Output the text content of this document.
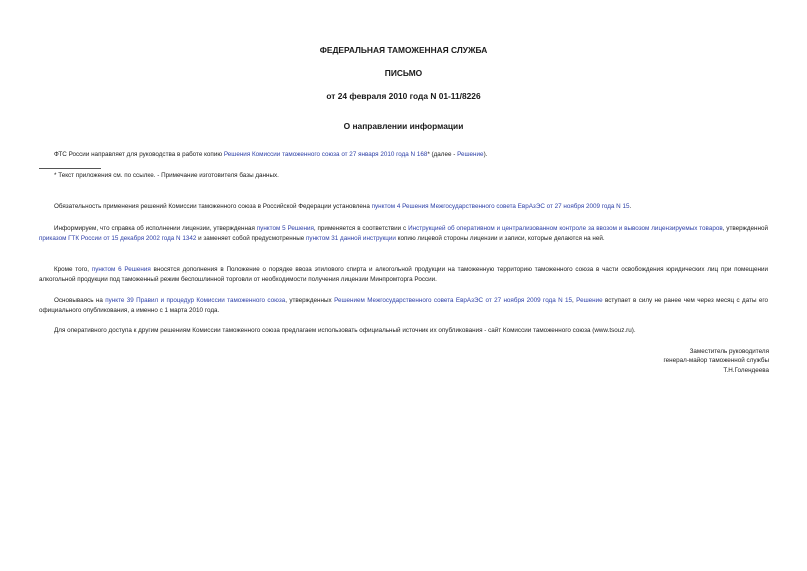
ФЕДЕРАЛЬНАЯ ТАМОЖЕННАЯ СЛУЖБА
ПИСЬМО
от 24 февраля 2010 года N 01-11/8226
О направлении информации

ФТС России направляет для руководства в работе копию Решения Комиссии таможенного союза от 27 января 2010 года N 168* (далее - Решение).

* Текст приложения см. по ссылке. - Примечание изготовителя базы данных.

Обязательность применения решений Комиссии таможенного союза в Российской Федерации установлена пунктом 4 Решения Межгосударственного совета ЕврАзЭС от 27 ноября 2009 года N 15.

Информируем, что справка об исполнении лицензии, утвержденная пунктом 5 Решения, применяется в соответствии с Инструкцией об оперативном и централизованном контроле за ввозом и вывозом лицензируемых товаров, утвержденной приказом ГТК России от 15 декабря 2002 года N 1342 и заменяет собой предусмотренные пунктом 31 данной инструкции копию лицевой стороны лицензии и записи, которые делаются на ней.

Кроме того, пунктом 6 Решения вносятся дополнения в Положение о порядке ввоза этилового спирта и алкогольной продукции на таможенную территорию таможенного союза в части освобождения юридических лиц при помещении алкогольной продукции под таможенный режим беспошлинной торговли от необходимости получения лицензии Минпромторга России.

Основываясь на пункте 39 Правил и процедур Комиссии таможенного союза, утвержденных Решением Межгосударственного совета ЕврАзЭС от 27 ноября 2009 года N 15, Решение вступает в силу не ранее чем через месяц с даты его официального опубликования, а именно с 1 марта 2010 года.

Для оперативного доступа к другим решениям Комиссии таможенного союза предлагаем использовать официальный источник их опубликования - сайт Комиссии таможенного союза (www.tsouz.ru).

Заместитель руководителя
генерал-майор таможенной службы
Т.Н.Голендеева
